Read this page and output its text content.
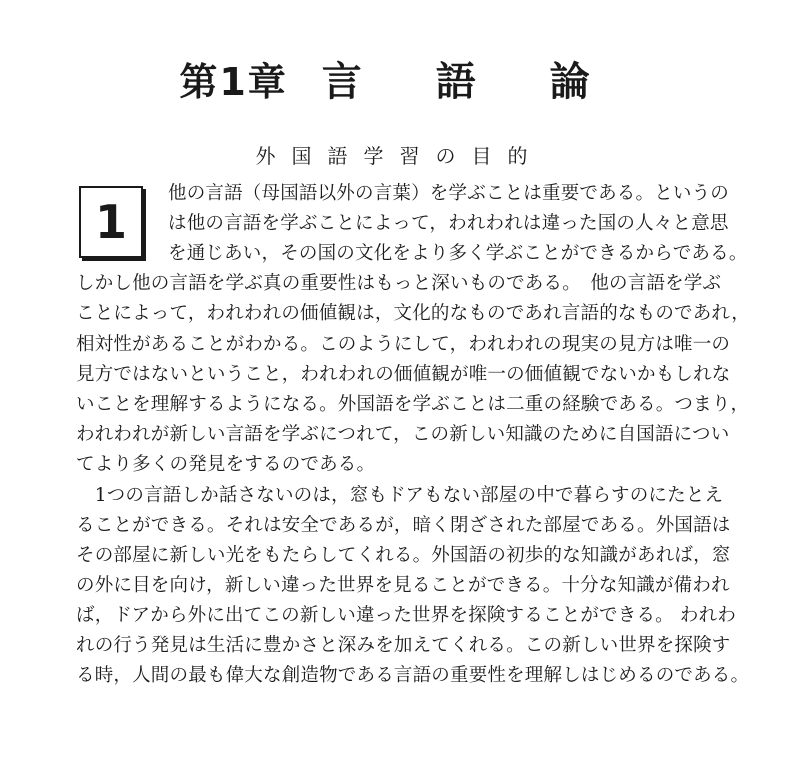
第1章 言 語 論
外国語学習の目的
1
他の言語（母国語以外の言葉）を学ぶことは重要である。というの
は他の言語を学ぶことによって，われわれは違った国の人々と意思
を通じあい，その国の文化をより多く学ぶことができるからである。
しかし他の言語を学ぶ真の重要性はもっと深いものである。　他の言語を学ぶ
ことによって，われわれの価値観は，文化的なものであれ言語的なものであれ，
相対性があることがわかる。このようにして，われわれの現実の見方は唯一の
見方ではないということ，われわれの価値観が唯一の価値観でないかもしれな
いことを理解するようになる。外国語を学ぶことは二重の経験である。つまり，
われわれが新しい言語を学ぶにつれて，この新しい知識のために自国語につい
てより多くの発見をするのである。
　1つの言語しか話さないのは，窓もドアもない部屋の中で暮らすのにたとえ
ることができる。それは安全であるが，暗く閉ざされた部屋である。外国語は
その部屋に新しい光をもたらしてくれる。外国語の初歩的な知識があれば，窓
の外に目を向け，新しい違った世界を見ることができる。十分な知識が備われ
ば，ドアから外に出てこの新しい違った世界を探険することができる。 われわ
れの行う発見は生活に豊かさと深みを加えてくれる。この新しい世界を探険す
る時，人間の最も偉大な創造物である言語の重要性を理解しはじめるのである。
